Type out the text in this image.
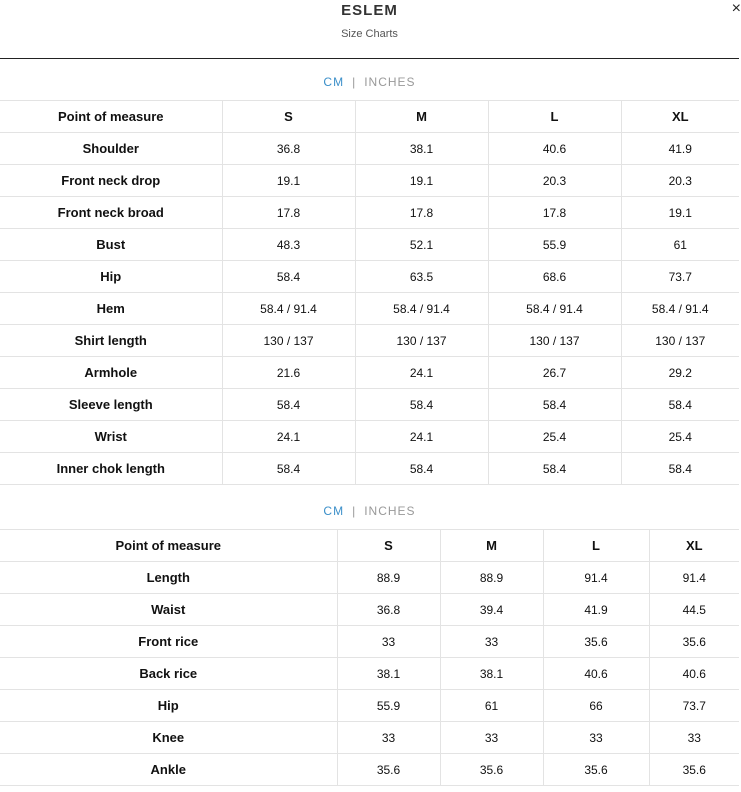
ESLEM
Size Charts
×
CM | INCHES
Point of measure	S	M	L	XL
Shoulder	36.8	38.1	40.6	41.9
Front neck drop	19.1	19.1	20.3	20.3
Front neck broad	17.8	17.8	17.8	19.1
Bust	48.3	52.1	55.9	61
Hip	58.4	63.5	68.6	73.7
Hem	58.4 / 91.4	58.4 / 91.4	58.4 / 91.4	58.4 / 91.4
Shirt length	130 / 137	130 / 137	130 / 137	130 / 137
Armhole	21.6	24.1	26.7	29.2
Sleeve length	58.4	58.4	58.4	58.4
Wrist	24.1	24.1	25.4	25.4
Inner chok length	58.4	58.4	58.4	58.4
CM | INCHES
Point of measure	S	M	L	XL
Length	88.9	88.9	91.4	91.4
Waist	36.8	39.4	41.9	44.5
Front rice	33	33	35.6	35.6
Back rice	38.1	38.1	40.6	40.6
Hip	55.9	61	66	73.7
Knee	33	33	33	33
Ankle	35.6	35.6	35.6	35.6
